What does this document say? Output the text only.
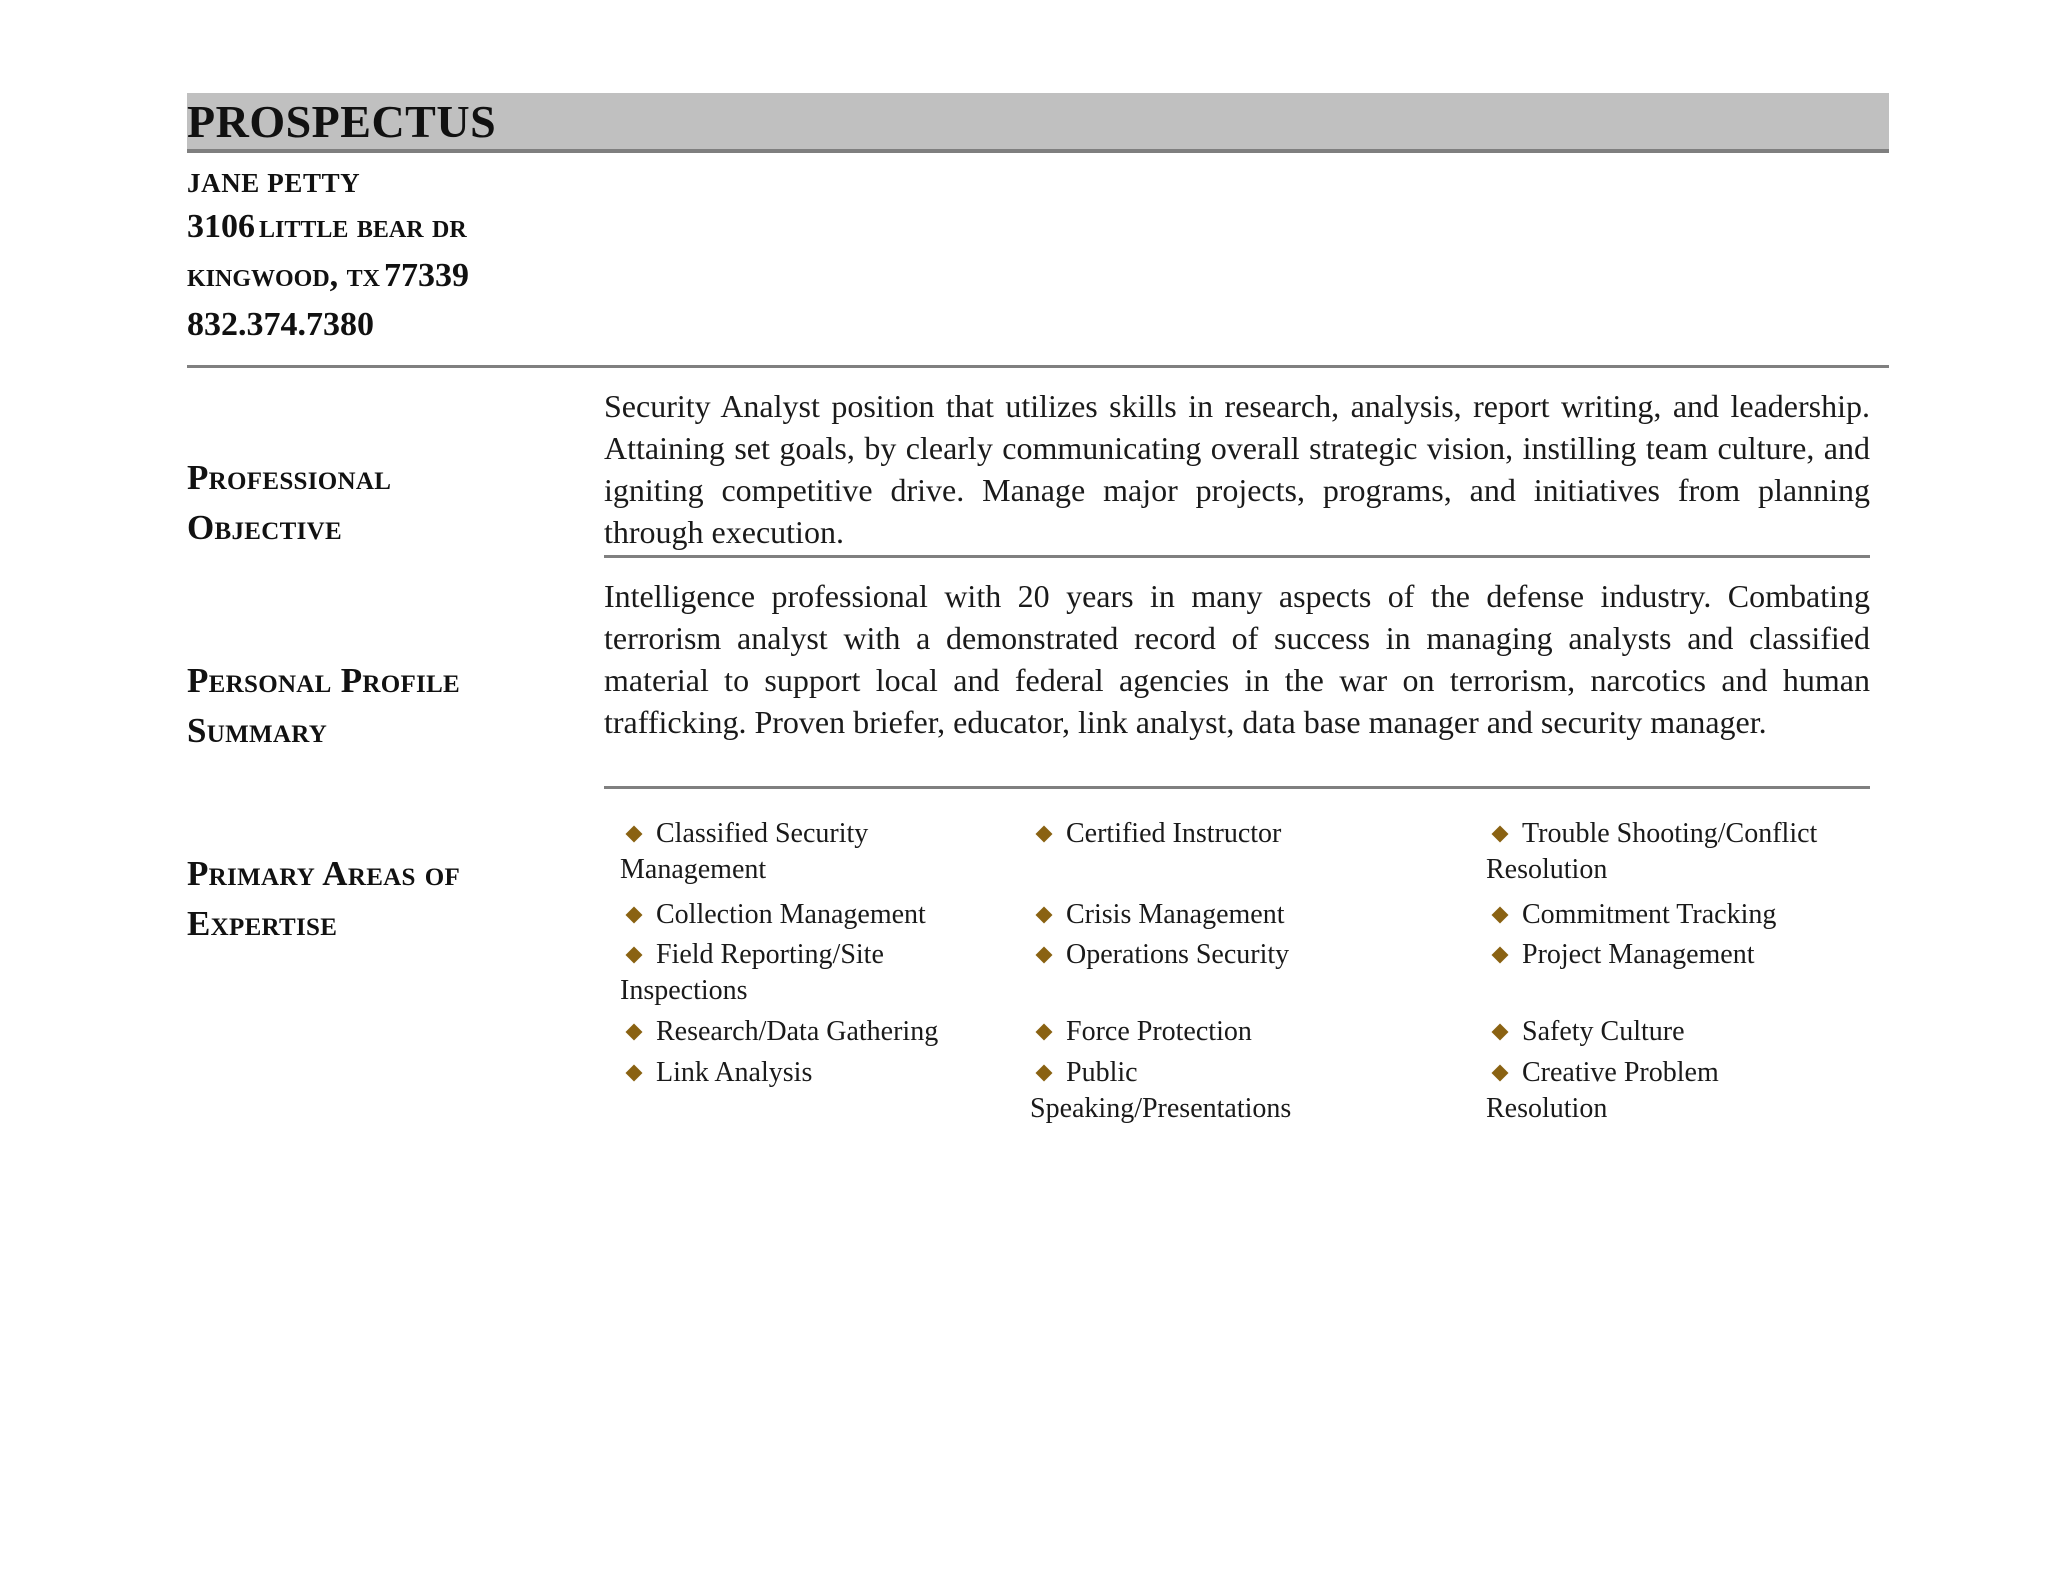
PROSPECTUS
JANE PETTY
3106 little bear dr
kingwood, tx 77339
832.374.7380
Professional
Objective
Security Analyst position that utilizes skills in research, analysis, report writing, and leadership. Attaining set goals, by clearly communicating overall strategic vision, instilling team culture, and igniting competitive drive. Manage major projects, programs, and initiatives from planning through execution.
Personal Profile
Summary
Intelligence professional with 20 years in many aspects of the defense industry. Combating terrorism analyst with a demonstrated record of success in managing analysts and classified material to support local and federal agencies in the war on terrorism, narcotics and human trafficking. Proven briefer, educator, link analyst, data base manager and security manager.
Primary Areas of
Expertise
Classified Security Management
Collection Management
Field Reporting/Site Inspections
Research/Data Gathering
Link Analysis
Certified Instructor
Crisis Management
Operations Security
Force Protection
Public Speaking/Presentations
Trouble Shooting/Conflict Resolution
Commitment Tracking
Project Management
Safety Culture
Creative Problem Resolution
